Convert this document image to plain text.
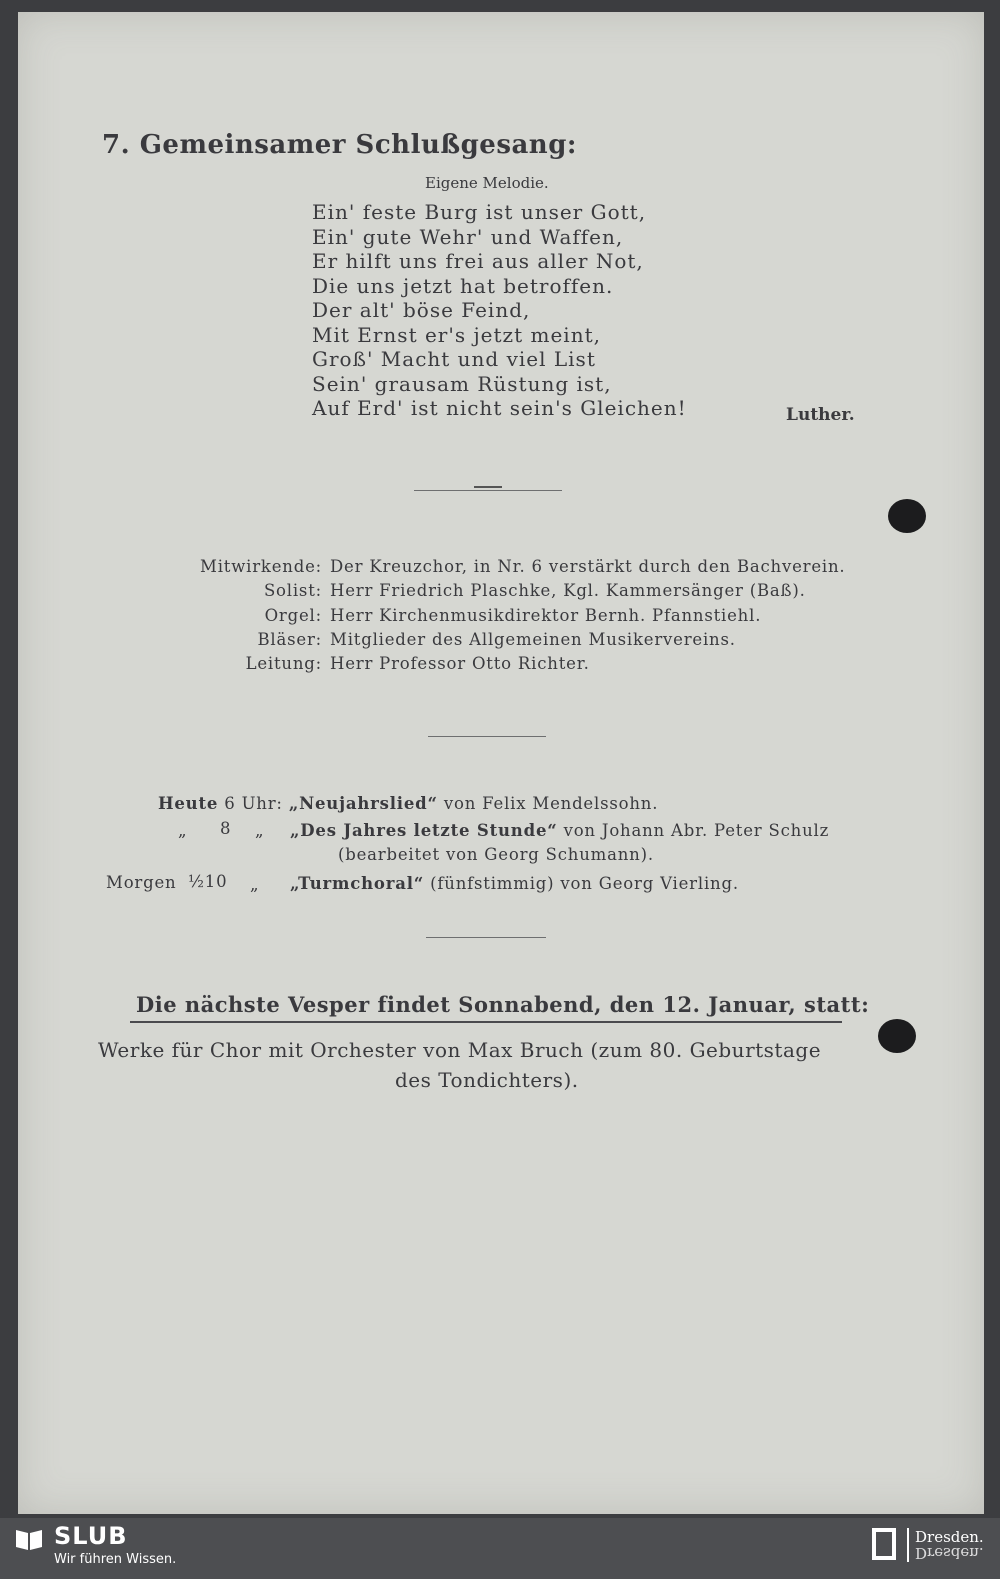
7. Gemeinsamer Schlußgesang:
Eigene Melodie.
Ein' feste Burg ist unser Gott,
Ein' gute Wehr' und Waffen,
Er hilft uns frei aus aller Not,
Die uns jetzt hat betroffen.
Der alt' böse Feind,
Mit Ernst er's jetzt meint,
Groß' Macht und viel List
Sein' grausam Rüstung ist,
Auf Erd' ist nicht sein's Gleichen!	Luther.
Mitwirkende: Der Kreuzchor, in Nr. 6 verstärkt durch den Bachverein.
Solist: Herr Friedrich Plaschke, Kgl. Kammersänger (Baß).
Orgel: Herr Kirchenmusikdirektor Bernh. Pfannstiehl.
Bläser: Mitglieder des Allgemeinen Musikervereins.
Leitung: Herr Professor Otto Richter.
Heute 6 Uhr: „Neujahrslied“ von Felix Mendelssohn.
„ 8 „ „Des Jahres letzte Stunde“ von Johann Abr. Peter Schulz
(bearbeitet von Georg Schumann).
Morgen ½10 „ „Turmchoral“ (fünfstimmig) von Georg Vierling.
Die nächste Vesper findet Sonnabend, den 12. Januar, statt:
Werke für Chor mit Orchester von Max Bruch (zum 80. Geburtstage
des Tondichters).
SLUB
Wir führen Wissen.
Dresden.
Dresden.
